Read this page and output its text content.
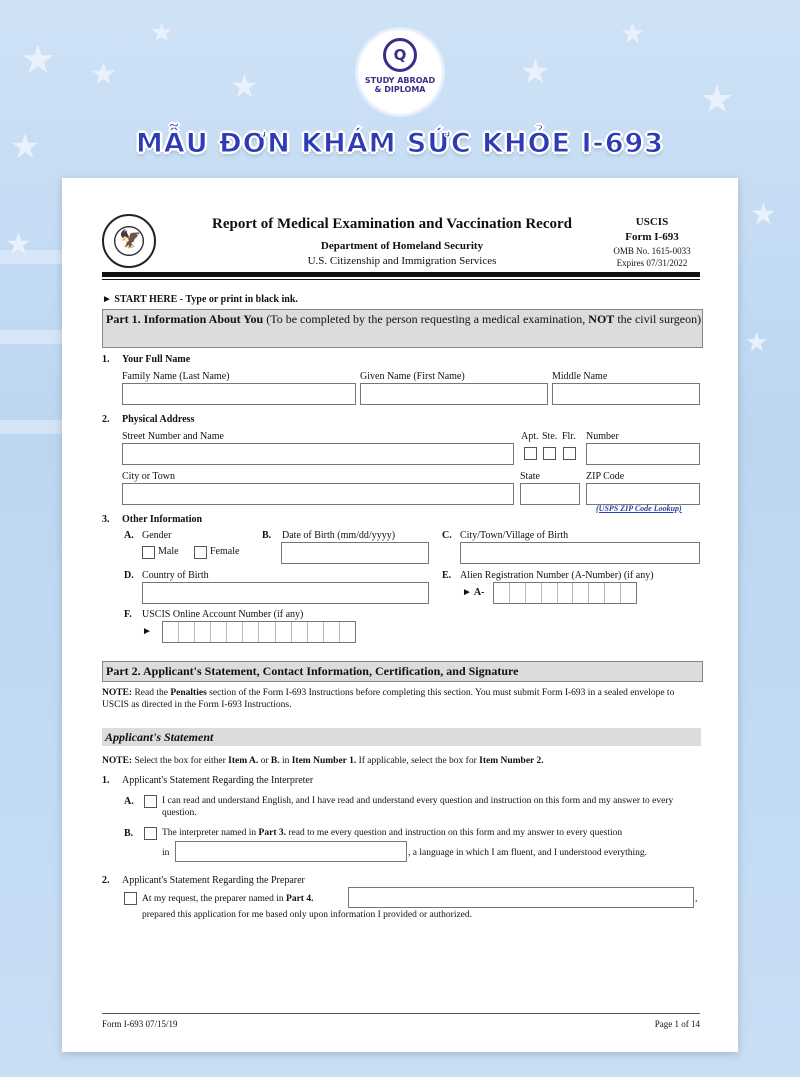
★ ★
★
★
★	★
★
★
★
★
★
Q
STUDY ABROAD
& DIPLOMA
MẪU ĐƠN KHÁM SỨC KHỎE I-693
🦅
Report of Medical Examination and Vaccination Record
Department of Homeland Security
U.S. Citizenship and Immigration Services
USCIS
Form I-693
OMB No. 1615-0033
Expires 07/31/2022
► START HERE - Type or print in black ink.
Part 1. Information About You (To be completed by the person requesting a medical examination, NOT the civil surgeon)
1. Your Full Name
Family Name (Last Name)	Given Name (First Name)	Middle Name
2. Physical Address
Street Number and Name	Apt. Ste. Flr. Number
City or Town	State	ZIP Code
(USPS ZIP Code Lookup)
3. Other Information
A. Gender
Male	Female
B. Date of Birth (mm/dd/yyyy)	C. City/Town/Village of Birth
D. Country of Birth	E. Alien Registration Number (A-Number) (if any)
► A-
F. USCIS Online Account Number (if any)
►
Part 2. Applicant's Statement, Contact Information, Certification, and Signature
NOTE: Read the Penalties section of the Form I-693 Instructions before completing this section. You must submit Form I-693 in a sealed envelope to USCIS as directed in the Form I-693 Instructions.
Applicant's Statement
NOTE: Select the box for either Item A. or B. in Item Number 1. If applicable, select the box for Item Number 2.
1. Applicant's Statement Regarding the Interpreter
A.	I can read and understand English, and I have read and understand every question and instruction on this form and my answer to every question.
B.	The interpreter named in Part 3. read to me every question and instruction on this form and my answer to every question
in	, a language in which I am fluent, and I understood everything.
2. Applicant's Statement Regarding the Preparer
At my request, the preparer named in Part 4.	,
prepared this application for me based only upon information I provided or authorized.
Form I-693 07/15/19	Page 1 of 14
